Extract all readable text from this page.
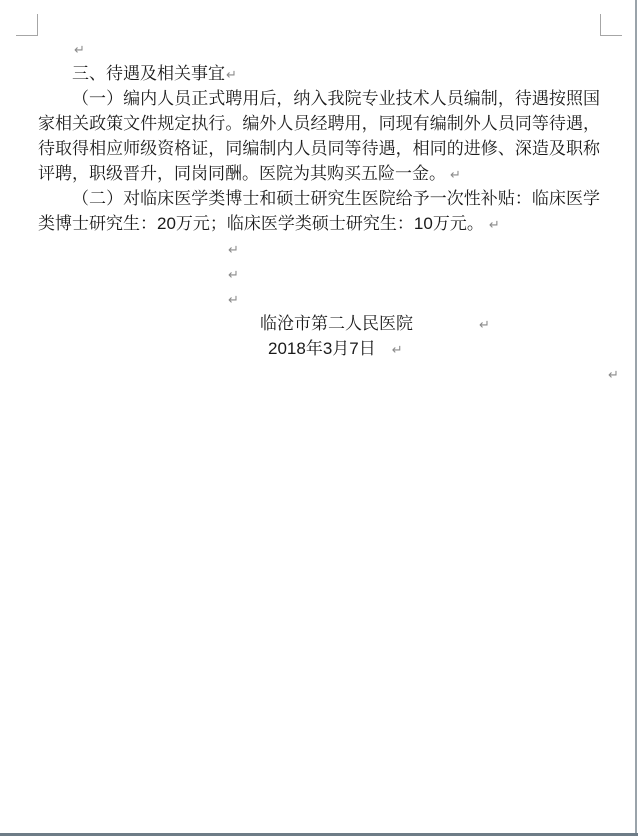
↵
三、待遇及相关事宜↵
（一）编内人员正式聘用后，纳入我院专业技术人员编制，待遇按照国
家相关政策文件规定执行。编外人员经聘用，同现有编制外人员同等待遇，
待取得相应师级资格证，同编制内人员同等待遇，相同的进修、深造及职称
评聘，职级晋升，同岗同酬。医院为其购买五险一金。 ↵
（二）对临床医学类博士和硕士研究生医院给予一次性补贴：临床医学
类博士研究生：20万元；临床医学类硕士研究生：10万元。 ↵
↵
↵
↵
临沧市第二人民医院	↵
2018年3月7日 ↵
↵
